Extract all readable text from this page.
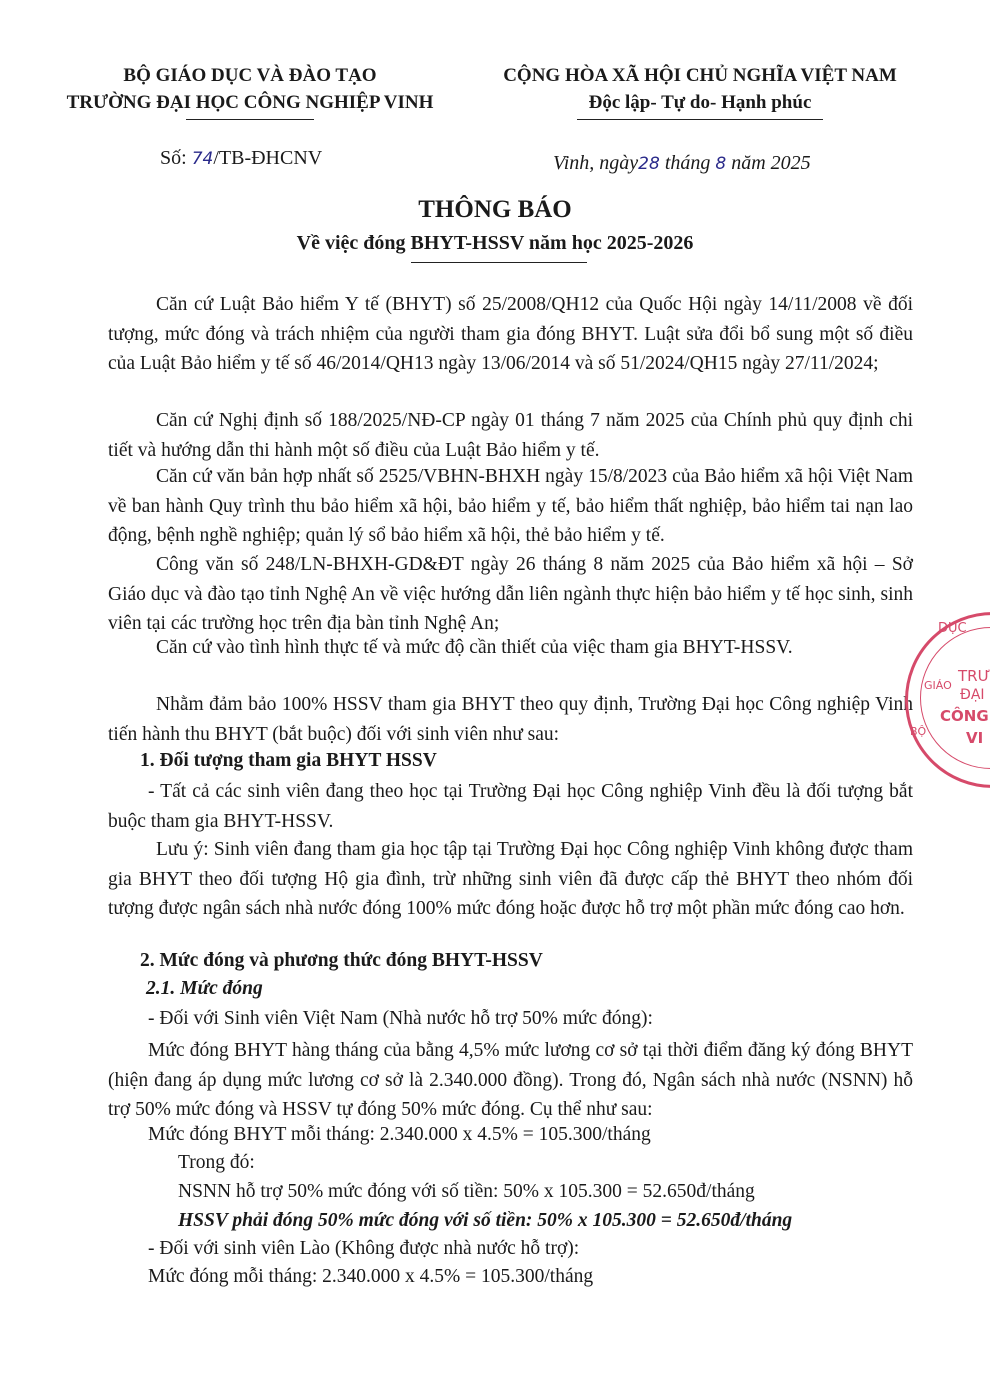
BỘ GIÁO DỤC VÀ ĐÀO TẠO
TRƯỜNG ĐẠI HỌC CÔNG NGHIỆP VINH
CỘNG HÒA XÃ HỘI CHỦ NGHĨA VIỆT NAM
Độc lập- Tự do- Hạnh phúc
Số: 74/TB-ĐHCNV	Vinh, ngày28 tháng 8 năm 2025
THÔNG BÁO
Về việc đóng BHYT-HSSV năm học 2025-2026
Căn cứ Luật Bảo hiểm Y tế (BHYT) số 25/2008/QH12 của Quốc Hội ngày 14/11/2008 về đối tượng, mức đóng và trách nhiệm của người tham gia đóng BHYT. Luật sửa đổi bổ sung một số điều của Luật Bảo hiểm y tế số 46/2014/QH13 ngày 13/06/2014 và số 51/2024/QH15 ngày 27/11/2024;
Căn cứ Nghị định số 188/2025/NĐ-CP ngày 01 tháng 7 năm 2025 của Chính phủ quy định chi tiết và hướng dẫn thi hành một số điều của Luật Bảo hiểm y tế.
Căn cứ văn bản hợp nhất số 2525/VBHN-BHXH ngày 15/8/2023 của Bảo hiểm xã hội Việt Nam về ban hành Quy trình thu bảo hiểm xã hội, bảo hiểm y tế, bảo hiểm thất nghiệp, bảo hiểm tai nạn lao động, bệnh nghề nghiệp; quản lý sổ bảo hiểm xã hội, thẻ bảo hiểm y tế.
Công văn số 248/LN-BHXH-GD&ĐT ngày 26 tháng 8 năm 2025 của Bảo hiểm xã hội – Sở Giáo dục và đào tạo tỉnh Nghệ An về việc hướng dẫn liên ngành thực hiện bảo hiểm y tế học sinh, sinh viên tại các trường học trên địa bàn tỉnh Nghệ An;
Căn cứ vào tình hình thực tế và mức độ cần thiết của việc tham gia BHYT-HSSV.
Nhằm đảm bảo 100% HSSV tham gia BHYT theo quy định, Trường Đại học Công nghiệp Vinh tiến hành thu BHYT (bắt buộc) đối với sinh viên như sau:
1. Đối tượng tham gia BHYT HSSV
- Tất cả các sinh viên đang theo học tại Trường Đại học Công nghiệp Vinh đều là đối tượng bắt buộc tham gia BHYT-HSSV.
Lưu ý: Sinh viên đang tham gia học tập tại Trường Đại học Công nghiệp Vinh không được tham gia BHYT theo đối tượng Hộ gia đình, trừ những sinh viên đã được cấp thẻ BHYT theo nhóm đối tượng được ngân sách nhà nước đóng 100% mức đóng hoặc được hỗ trợ một phần mức đóng cao hơn.
2. Mức đóng và phương thức đóng BHYT-HSSV
2.1. Mức đóng
- Đối với Sinh viên Việt Nam (Nhà nước hỗ trợ 50% mức đóng):
Mức đóng BHYT hàng tháng của bằng 4,5% mức lương cơ sở tại thời điểm đăng ký đóng BHYT (hiện đang áp dụng mức lương cơ sở là 2.340.000 đồng). Trong đó, Ngân sách nhà nước (NSNN) hỗ trợ 50% mức đóng và HSSV tự đóng 50% mức đóng. Cụ thể như sau:
Mức đóng BHYT mỗi tháng: 2.340.000 x 4.5% = 105.300/tháng
Trong đó:
NSNN hỗ trợ 50% mức đóng với số tiền: 50% x 105.300 = 52.650đ/tháng
HSSV phải đóng 50% mức đóng với số tiền: 50% x 105.300 = 52.650đ/tháng
- Đối với sinh viên Lào (Không được nhà nước hỗ trợ):
Mức đóng mỗi tháng: 2.340.000 x 4.5% = 105.300/tháng
DỤC
TRƯ
ĐẠI
CÔNG
VI
GIÁO
BỘ
